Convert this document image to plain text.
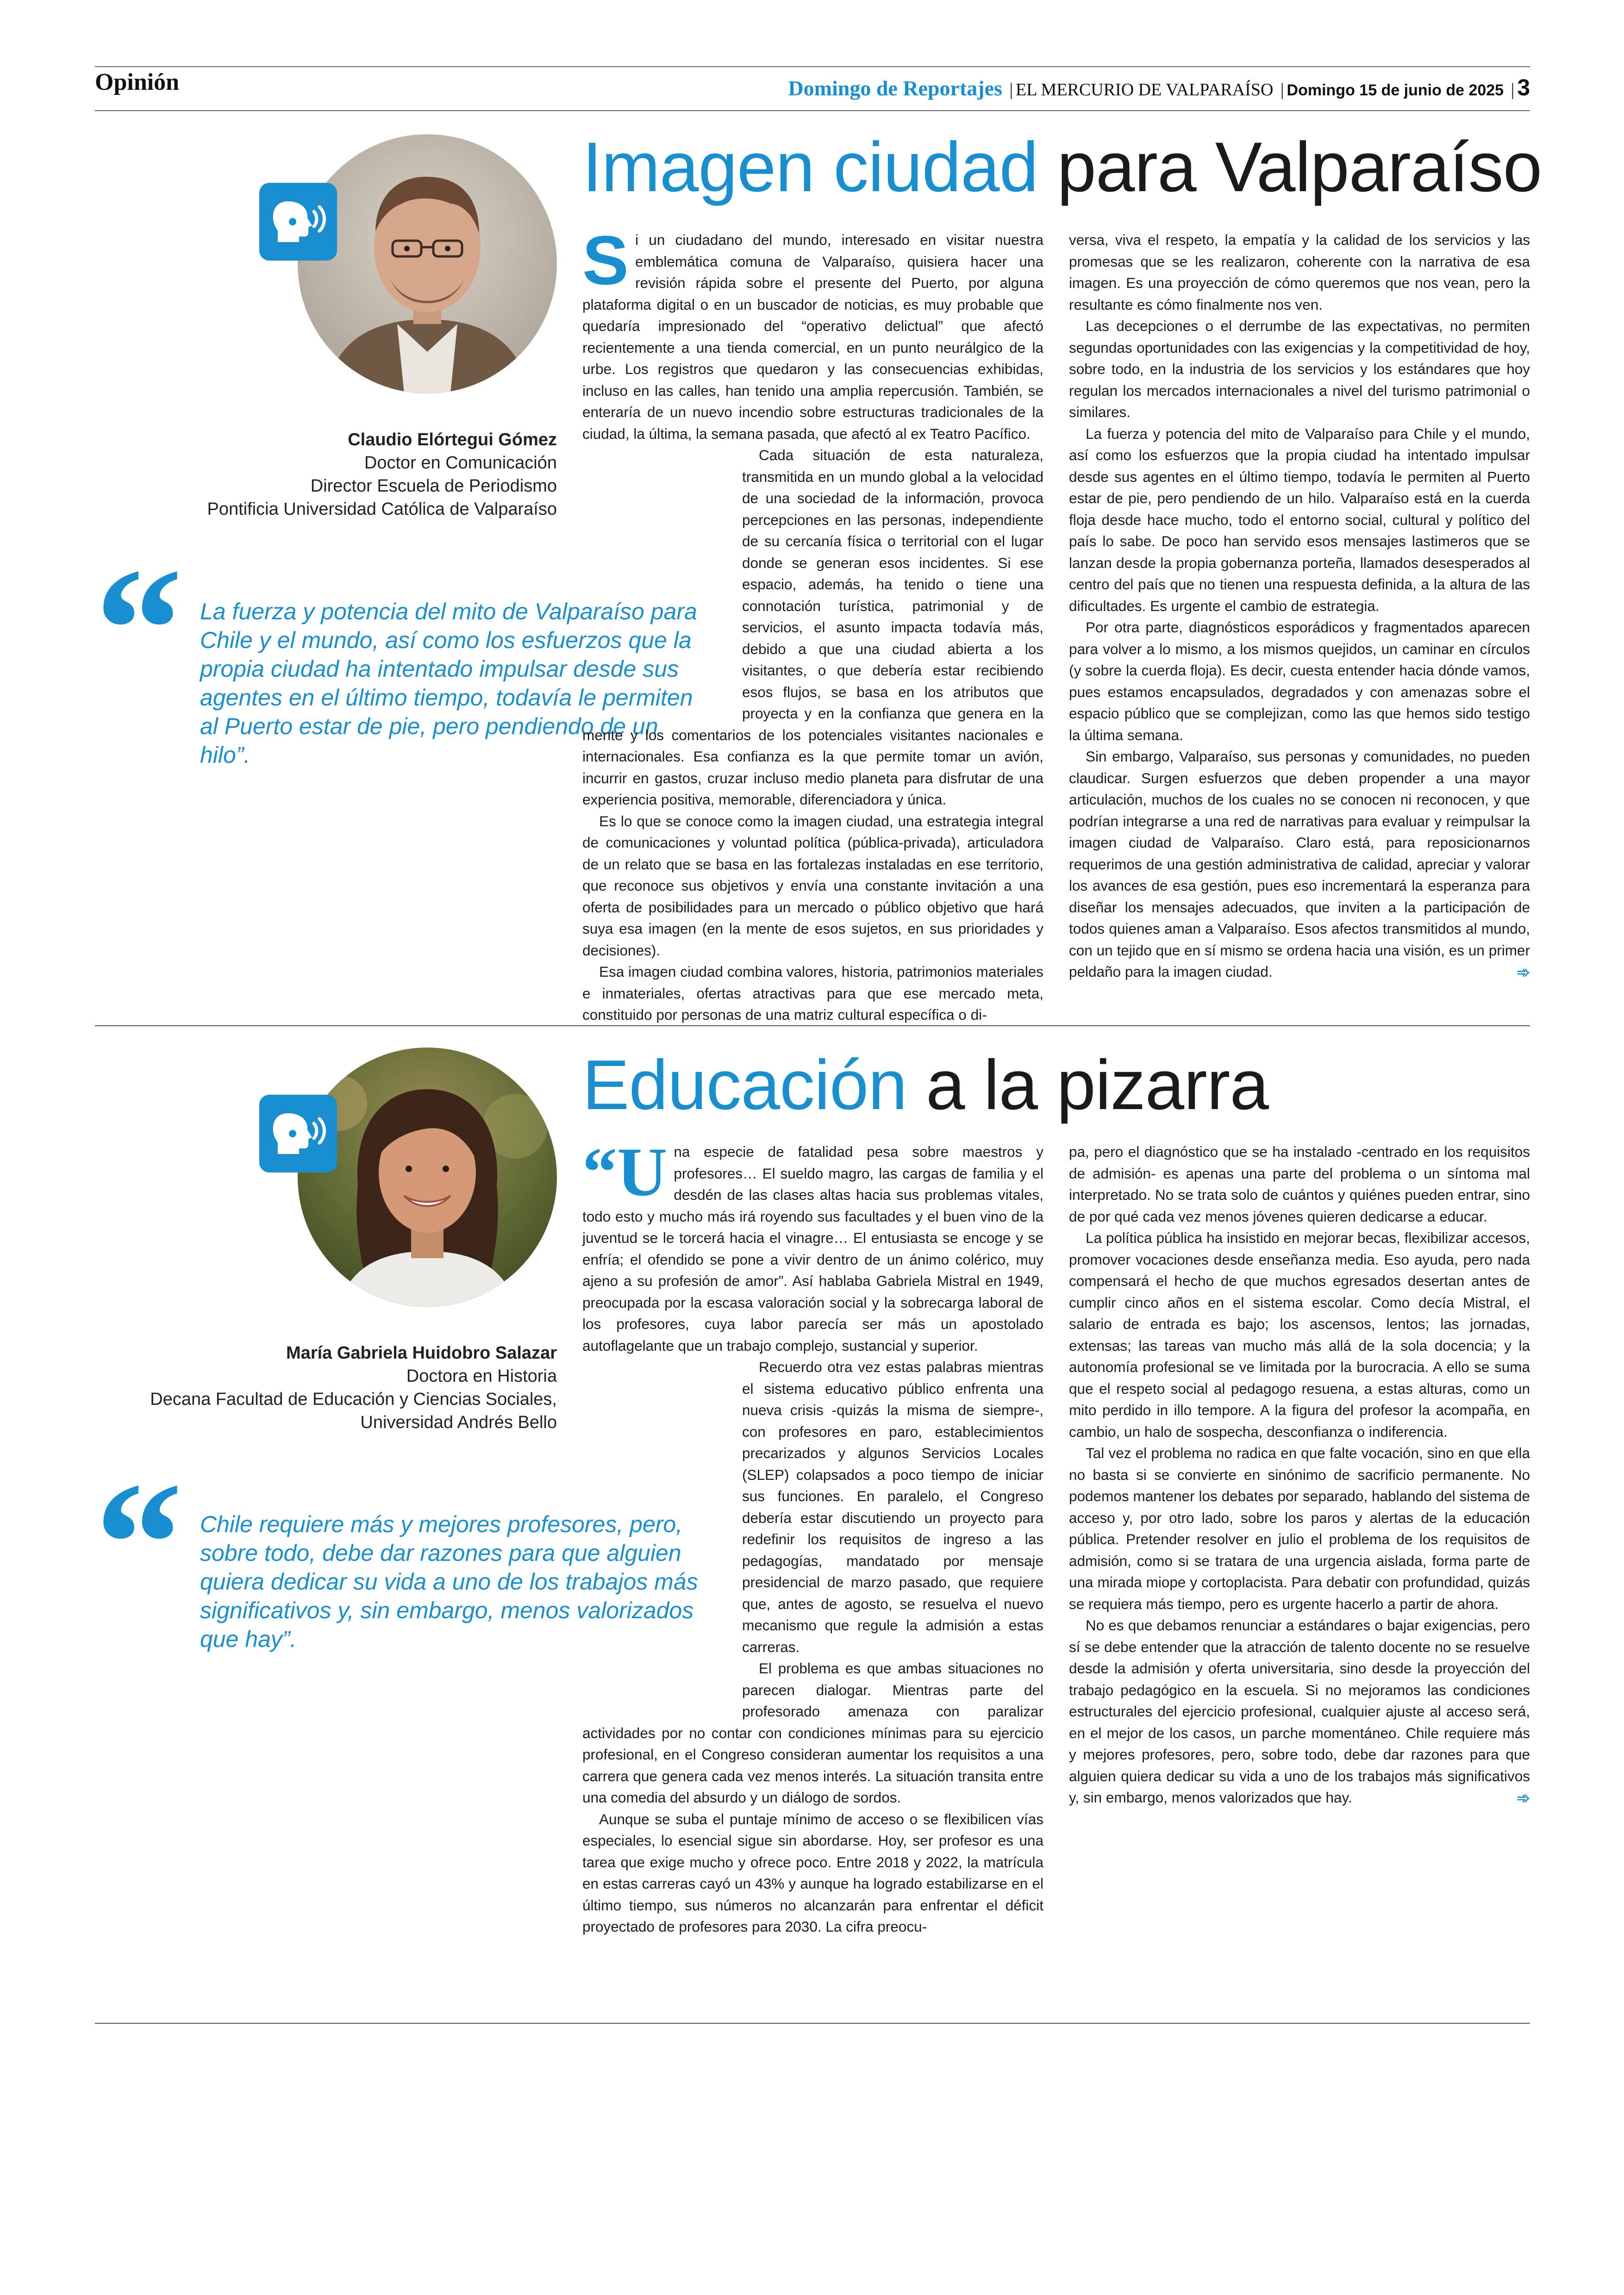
Opinión	Domingo de Reportajes | EL MERCURIO DE VALPARAÍSO | Domingo 15 de junio de 2025 | 3
Imagen ciudad para Valparaíso
Claudio Elórtegui Gómez
Doctor en Comunicación
Director Escuela de Periodismo
Pontificia Universidad Católica de Valparaíso
“ La fuerza y potencia del mito de Valparaíso para Chile y el mundo, así como los esfuerzos que la propia ciudad ha intentado impulsar desde sus agentes en el último tiempo, todavía le permiten al Puerto estar de pie, pero pendiendo de un hilo”.

Si un ciudadano del mundo, interesado en visitar nuestra emblemática comuna de Valparaíso, quisiera hacer una revisión rápida sobre el presente del Puerto, por alguna plataforma digital o en un buscador de noticias, es muy probable que quedaría impresionado del “operativo delictual” que afectó recientemente a una tienda comercial, en un punto neurálgico de la urbe. Los registros que quedaron y las consecuencias exhibidas, incluso en las calles, han tenido una amplia repercusión. También, se enteraría de un nuevo incendio sobre estructuras tradicionales de la ciudad, la última, la semana pasada, que afectó al ex Teatro Pacífico.

Cada situación de esta naturaleza, transmitida en un mundo global a la velocidad de una sociedad de la información, provoca percepciones en las personas, independiente de su cercanía física o territorial con el lugar donde se generan esos incidentes. Si ese espacio, además, ha tenido o tiene una connotación turística, patrimonial y de servicios, el asunto impacta todavía más, debido a que una ciudad abierta a los visitantes, o que debería estar recibiendo esos flujos, se basa en los atributos que proyecta y en la confianza que genera en la mente y los comentarios de los potenciales visitantes nacionales e internacionales. Esa confianza es la que permite tomar un avión, incurrir en gastos, cruzar incluso medio planeta para disfrutar de una experiencia positiva, memorable, diferenciadora y única.

Es lo que se conoce como la imagen ciudad, una estrategia integral de comunicaciones y voluntad política (pública-privada), articuladora de un relato que se basa en las fortalezas instaladas en ese territorio, que reconoce sus objetivos y envía una constante invitación a una oferta de posibilidades para un mercado o público objetivo que hará suya esa imagen (en la mente de esos sujetos, en sus prioridades y decisiones).

Esa imagen ciudad combina valores, historia, patrimonios materiales e inmateriales, ofertas atractivas para que ese mercado meta, constituido por personas de una matriz cultural específica o di-

versa, viva el respeto, la empatía y la calidad de los servicios y las promesas que se les realizaron, coherente con la narrativa de esa imagen. Es una proyección de cómo queremos que nos vean, pero la resultante es cómo finalmente nos ven.

Las decepciones o el derrumbe de las expectativas, no permiten segundas oportunidades con las exigencias y la competitividad de hoy, sobre todo, en la industria de los servicios y los estándares que hoy regulan los mercados internacionales a nivel del turismo patrimonial o similares.

La fuerza y potencia del mito de Valparaíso para Chile y el mundo, así como los esfuerzos que la propia ciudad ha intentado impulsar desde sus agentes en el último tiempo, todavía le permiten al Puerto estar de pie, pero pendiendo de un hilo. Valparaíso está en la cuerda floja desde hace mucho, todo el entorno social, cultural y político del país lo sabe. De poco han servido esos mensajes lastimeros que se lanzan desde la propia gobernanza porteña, llamados desesperados al centro del país que no tienen una respuesta definida, a la altura de las dificultades. Es urgente el cambio de estrategia.

Por otra parte, diagnósticos esporádicos y fragmentados aparecen para volver a lo mismo, a los mismos quejidos, un caminar en círculos (y sobre la cuerda floja). Es decir, cuesta entender hacia dónde vamos, pues estamos encapsulados, degradados y con amenazas sobre el espacio público que se complejizan, como las que hemos sido testigo la última semana.

Sin embargo, Valparaíso, sus personas y comunidades, no pueden claudicar. Surgen esfuerzos que deben propender a una mayor articulación, muchos de los cuales no se conocen ni reconocen, y que podrían integrarse a una red de narrativas para evaluar y reimpulsar la imagen ciudad de Valparaíso. Claro está, para reposicionarnos requerimos de una gestión administrativa de calidad, apreciar y valorar los avances de esa gestión, pues eso incrementará la esperanza para diseñar los mensajes adecuados, que inviten a la participación de todos quienes aman a Valparaíso. Esos afectos transmitidos al mundo, con un tejido que en sí mismo se ordena hacia una visión, es un primer peldaño para la imagen ciudad.	➾

Educación a la pizarra
María Gabriela Huidobro Salazar
Doctora en Historia
Decana Facultad de Educación y Ciencias Sociales,
Universidad Andrés Bello
“ Chile requiere más y mejores profesores, pero, sobre todo, debe dar razones para que alguien quiera dedicar su vida a uno de los trabajos más significativos y, sin embargo, menos valorizados que hay”.

“Una especie de fatalidad pesa sobre maestros y profesores… El sueldo magro, las cargas de familia y el desdén de las clases altas hacia sus problemas vitales, todo esto y mucho más irá royendo sus facultades y el buen vino de la juventud se le torcerá hacia el vinagre… El entusiasta se encoge y se enfría; el ofendido se pone a vivir dentro de un ánimo colérico, muy ajeno a su profesión de amor”. Así hablaba Gabriela Mistral en 1949, preocupada por la escasa valoración social y la sobrecarga laboral de los profesores, cuya labor parecía ser más un apostolado autoflagelante que un trabajo complejo, sustancial y superior.

Recuerdo otra vez estas palabras mientras el sistema educativo público enfrenta una nueva crisis -quizás la misma de siempre-, con profesores en paro, establecimientos precarizados y algunos Servicios Locales (SLEP) colapsados a poco tiempo de iniciar sus funciones. En paralelo, el Congreso debería estar discutiendo un proyecto para redefinir los requisitos de ingreso a las pedagogías, mandatado por mensaje presidencial de marzo pasado, que requiere que, antes de agosto, se resuelva el nuevo mecanismo que regule la admisión a estas carreras.

El problema es que ambas situaciones no parecen dialogar. Mientras parte del profesorado amenaza con paralizar actividades por no contar con condiciones mínimas para su ejercicio profesional, en el Congreso consideran aumentar los requisitos a una carrera que genera cada vez menos interés. La situación transita entre una comedia del absurdo y un diálogo de sordos.

Aunque se suba el puntaje mínimo de acceso o se flexibilicen vías especiales, lo esencial sigue sin abordarse. Hoy, ser profesor es una tarea que exige mucho y ofrece poco. Entre 2018 y 2022, la matrícula en estas carreras cayó un 43% y aunque ha logrado estabilizarse en el último tiempo, sus números no alcanzarán para enfrentar el déficit proyectado de profesores para 2030. La cifra preocu-

pa, pero el diagnóstico que se ha instalado -centrado en los requisitos de admisión- es apenas una parte del problema o un síntoma mal interpretado. No se trata solo de cuántos y quiénes pueden entrar, sino de por qué cada vez menos jóvenes quieren dedicarse a educar.

La política pública ha insistido en mejorar becas, flexibilizar accesos, promover vocaciones desde enseñanza media. Eso ayuda, pero nada compensará el hecho de que muchos egresados desertan antes de cumplir cinco años en el sistema escolar. Como decía Mistral, el salario de entrada es bajo; los ascensos, lentos; las jornadas, extensas; las tareas van mucho más allá de la sola docencia; y la autonomía profesional se ve limitada por la burocracia. A ello se suma que el respeto social al pedagogo resuena, a estas alturas, como un mito perdido in illo tempore. A la figura del profesor la acompaña, en cambio, un halo de sospecha, desconfianza o indiferencia.

Tal vez el problema no radica en que falte vocación, sino en que ella no basta si se convierte en sinónimo de sacrificio permanente. No podemos mantener los debates por separado, hablando del sistema de acceso y, por otro lado, sobre los paros y alertas de la educación pública. Pretender resolver en julio el problema de los requisitos de admisión, como si se tratara de una urgencia aislada, forma parte de una mirada miope y cortoplacista. Para debatir con profundidad, quizás se requiera más tiempo, pero es urgente hacerlo a partir de ahora.

No es que debamos renunciar a estándares o bajar exigencias, pero sí se debe entender que la atracción de talento docente no se resuelve desde la admisión y oferta universitaria, sino desde la proyección del trabajo pedagógico en la escuela. Si no mejoramos las condiciones estructurales del ejercicio profesional, cualquier ajuste al acceso será, en el mejor de los casos, un parche momentáneo. Chile requiere más y mejores profesores, pero, sobre todo, debe dar razones para que alguien quiera dedicar su vida a uno de los trabajos más significativos y, sin embargo, menos valorizados que hay.	➾
